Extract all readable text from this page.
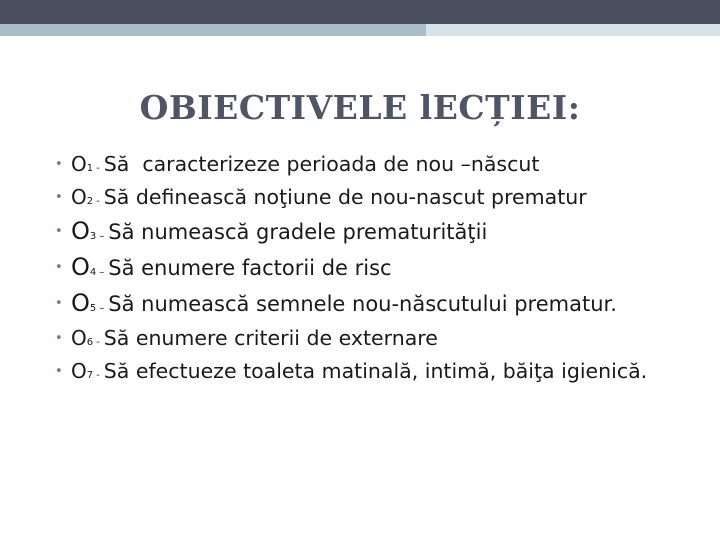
OBIECTIVELE lECȚIEI:
• O1 - Să  caracterizeze perioada de nou –născut
• O2 - Să definească noţiune de nou-nascut prematur
• O3 – Să numească gradele prematurităţii
• O4 – Să enumere factorii de risc
• O5 – Să numească semnele nou-născutului prematur.
• O6 - Să enumere criterii de externare
• O7 - Să efectueze toaleta matinală, intimă, băiţa igienică.
